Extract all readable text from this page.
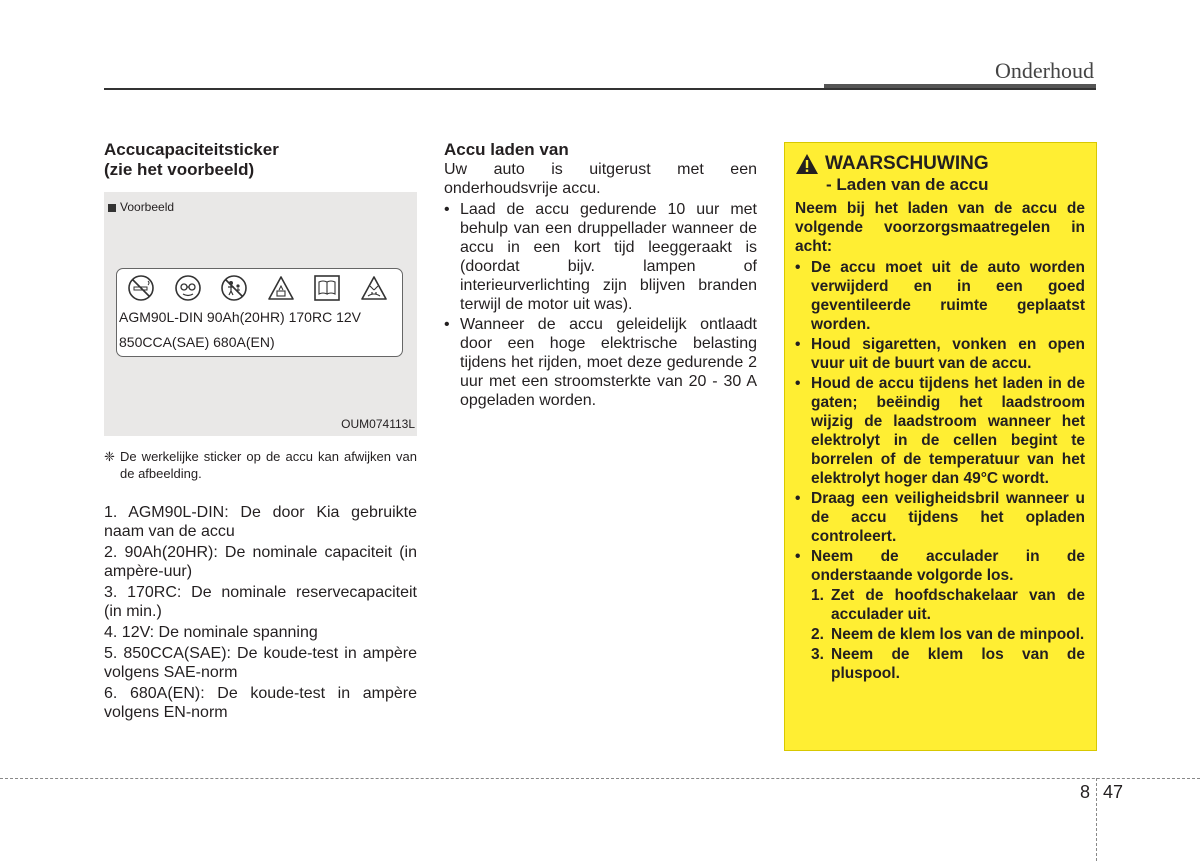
Onderhoud
Accucapaciteitsticker
(zie het voorbeeld)
Voorbeeld
AGM90L-DIN 90Ah(20HR) 170RC 12V
850CCA(SAE) 680A(EN)
OUM074113L
❈ De werkelijke sticker op de accu kan afwijken van de afbeelding.
1. AGM90L-DIN: De door Kia gebruikte naam van de accu
2. 90Ah(20HR): De nominale capaciteit (in ampère-uur)
3. 170RC: De nominale reservecapaciteit (in min.)
4. 12V: De nominale spanning
5. 850CCA(SAE): De koude-test in ampère volgens SAE-norm
6. 680A(EN): De koude-test in ampère volgens EN-norm
Accu laden van

Uw auto is uitgerust met een onderhoudsvrije accu.

• Laad de accu gedurende 10 uur met behulp van een druppellader wanneer de accu in een kort tijd leeggeraakt is (doordat bijv. lampen of interieurverlichting zijn blijven branden terwijl de motor uit was).
• Wanneer de accu geleidelijk ontlaadt door een hoge elektrische belasting tijdens het rijden, moet deze gedurende 2 uur met een stroomsterkte van 20 - 30 A opgeladen worden.
WAARSCHUWING
- Laden van de accu

Neem bij het laden van de accu de volgende voorzorgsmaatregelen in acht:

• De accu moet uit de auto worden verwijderd en in een goed geventileerde ruimte geplaatst worden.
• Houd sigaretten, vonken en open vuur uit de buurt van de accu.
• Houd de accu tijdens het laden in de gaten; beëindig het laadstroom wijzig de laadstroom wanneer het elektrolyt in de cellen begint te borrelen of de temperatuur van het elektrolyt hoger dan 49°C wordt.
• Draag een veiligheidsbril wanneer u de accu tijdens het opladen controleert.
• Neem de acculader in de onderstaande volgorde los.
1. Zet de hoofdschakelaar van de acculader uit.
2. Neem de klem los van de minpool.
3. Neem de klem los van de pluspool.
8 47
